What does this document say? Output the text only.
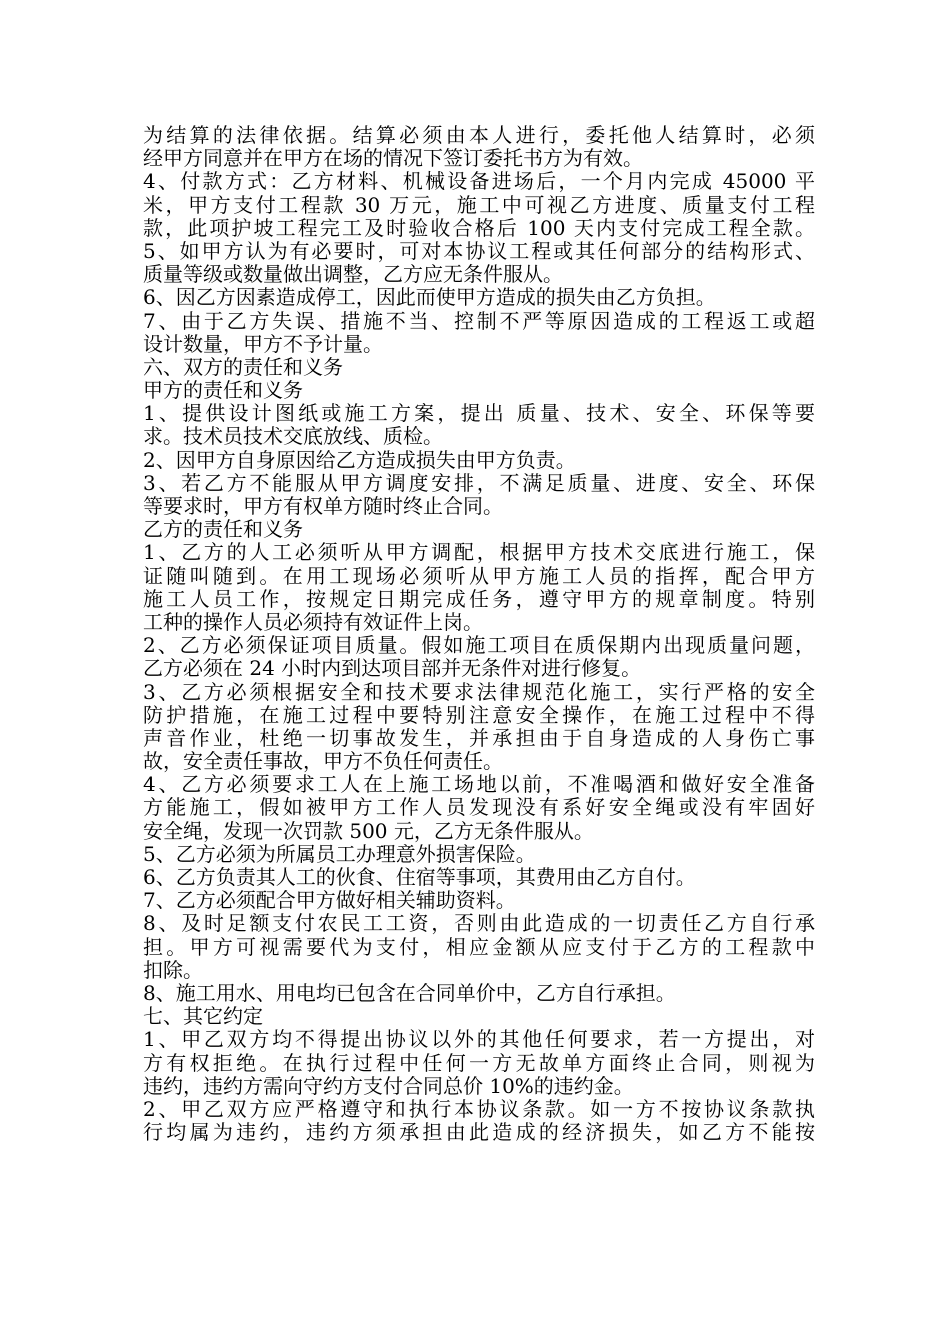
为结算的法律依据。结算必须由本人进行，委托他人结算时，必须
经甲方同意并在甲方在场的情况下签订委托书方为有效。
4、付款方式：乙方材料、机械设备进场后，一个月内完成 45000 平
米，甲方支付工程款 30 万元，施工中可视乙方进度、质量支付工程
款，此项护坡工程完工及时验收合格后 100 天内支付完成工程全款。
5、如甲方认为有必要时，可对本协议工程或其任何部分的结构形式、
质量等级或数量做出调整，乙方应无条件服从。
6、因乙方因素造成停工，因此而使甲方造成的损失由乙方负担。
7、由于乙方失误、措施不当、控制不严等原因造成的工程返工或超
设计数量，甲方不予计量。
六、双方的责任和义务
甲方的责任和义务
1、提供设计图纸或施工方案，提出 质量、技术、安全、环保等要
求。技术员技术交底放线、质检。
2、因甲方自身原因给乙方造成损失由甲方负责。
3、若乙方不能服从甲方调度安排，不满足质量、进度、安全、环保
等要求时，甲方有权单方随时终止合同。
乙方的责任和义务
1、乙方的人工必须听从甲方调配，根据甲方技术交底进行施工，保
证随叫随到。在用工现场必须听从甲方施工人员的指挥，配合甲方
施工人员工作，按规定日期完成任务，遵守甲方的规章制度。特别
工种的操作人员必须持有效证件上岗。
2、乙方必须保证项目质量。假如施工项目在质保期内出现质量问题，
乙方必须在 24 小时内到达项目部并无条件对进行修复。
3、乙方必须根据安全和技术要求法律规范化施工，实行严格的安全
防护措施，在施工过程中要特别注意安全操作，在施工过程中不得
声音作业，杜绝一切事故发生，并承担由于自身造成的人身伤亡事
故，安全责任事故，甲方不负任何责任。
4、乙方必须要求工人在上施工场地以前，不准喝酒和做好安全准备
方能施工，假如被甲方工作人员发现没有系好安全绳或没有牢固好
安全绳，发现一次罚款 500 元，乙方无条件服从。
5、乙方必须为所属员工办理意外损害保险。
6、乙方负责其人工的伙食、住宿等事项，其费用由乙方自付。
7、乙方必须配合甲方做好相关辅助资料。
8、及时足额支付农民工工资，否则由此造成的一切责任乙方自行承
担。甲方可视需要代为支付，相应金额从应支付于乙方的工程款中
扣除。
8、施工用水、用电均已包含在合同单价中，乙方自行承担。
七、其它约定
1、甲乙双方均不得提出协议以外的其他任何要求，若一方提出，对
方有权拒绝。在执行过程中任何一方无故单方面终止合同，则视为
违约，违约方需向守约方支付合同总价 10%的违约金。
2、甲乙双方应严格遵守和执行本协议条款。如一方不按协议条款执
行均属为违约，违约方须承担由此造成的经济损失，如乙方不能按
